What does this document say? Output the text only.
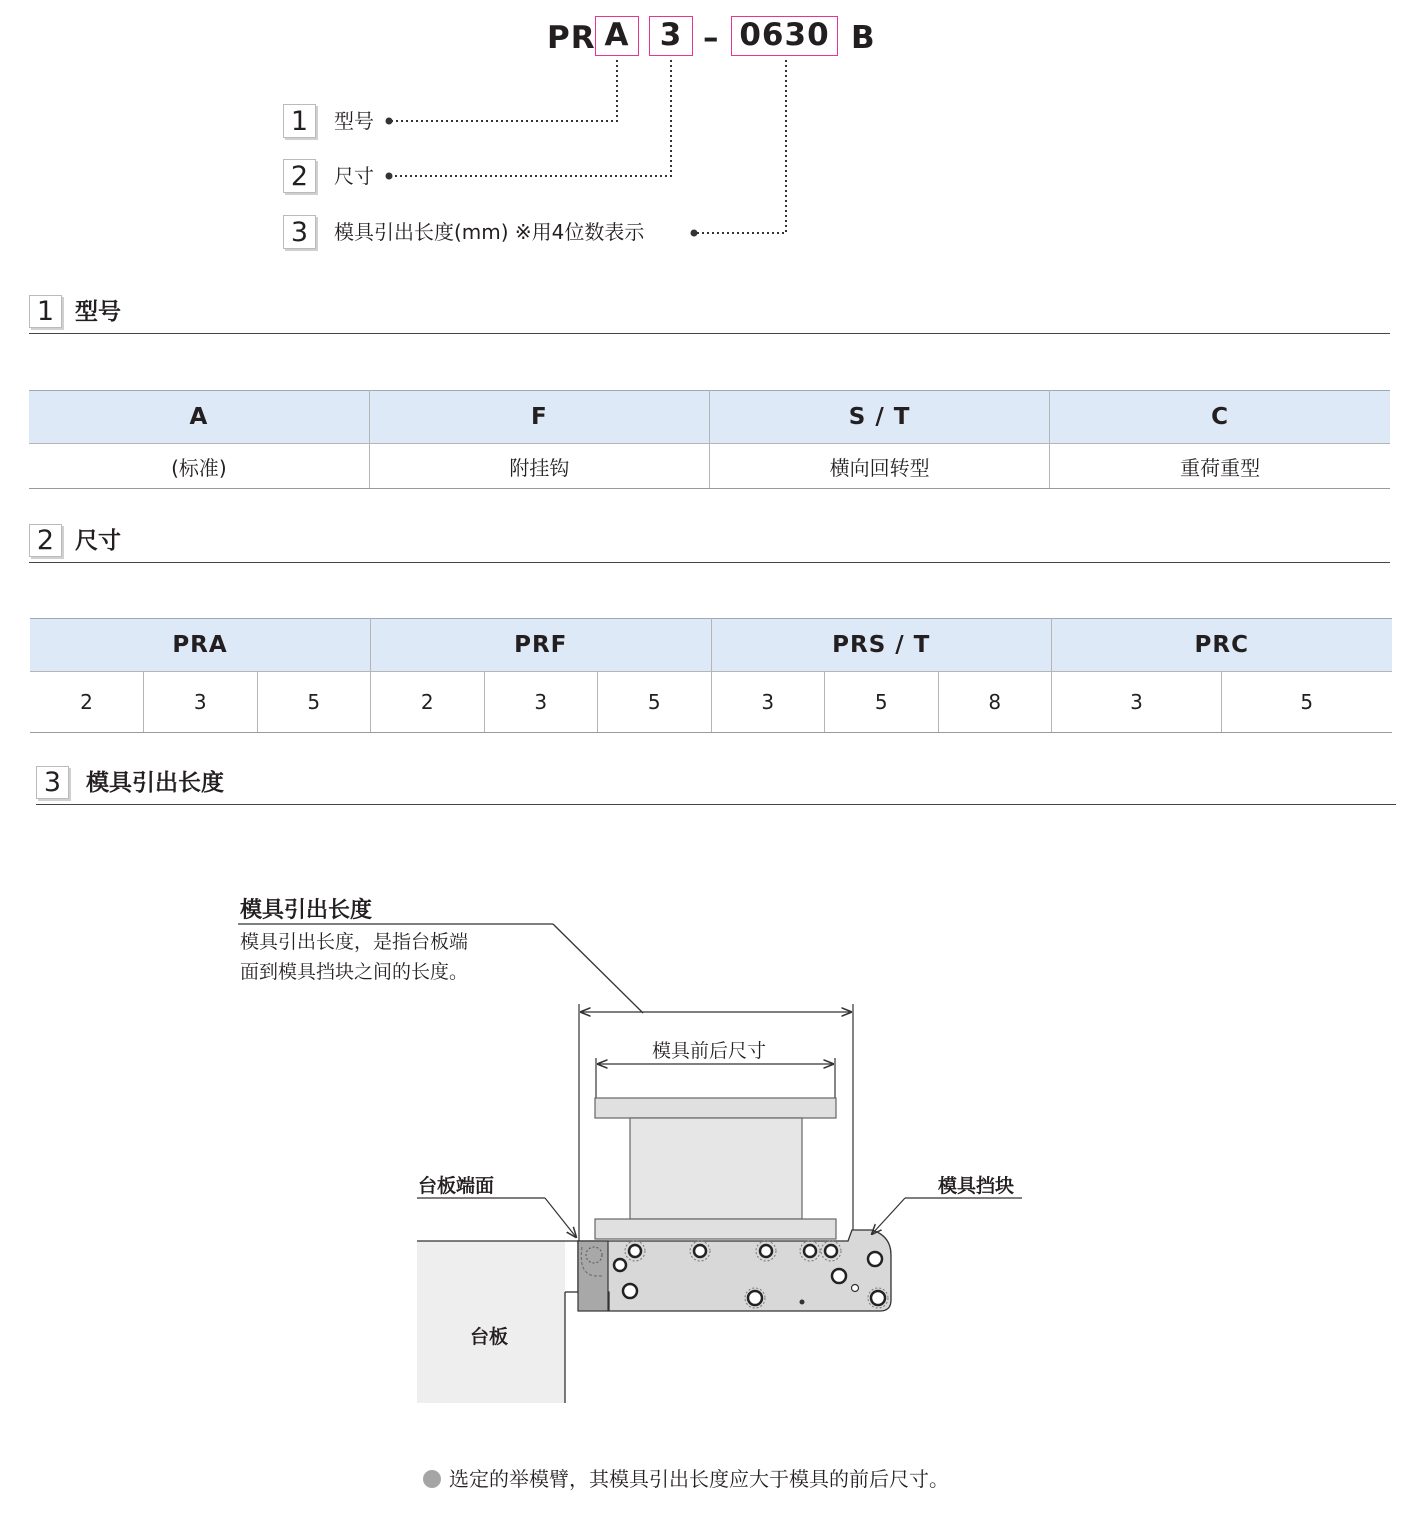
PR A 3 – 0630 B
1	型号
2	尺寸
3	模具引出长度(mm) ※用4位数表示
1 型号
A	F	S / T	C
(标准)	附挂钩	横向回转型	重荷重型
2 尺寸
PRA			PRF			PRS / T			PRC	
2	3	5	2	3	5	3	5	8	3	5
3	模具引出长度
模具引出长度
模具引出长度，是指台板端
面到模具挡块之间的长度。
模具前后尺寸
台板端面	模具挡块
台板
选定的举模臂，其模具引出长度应大于模具的前后尺寸。
